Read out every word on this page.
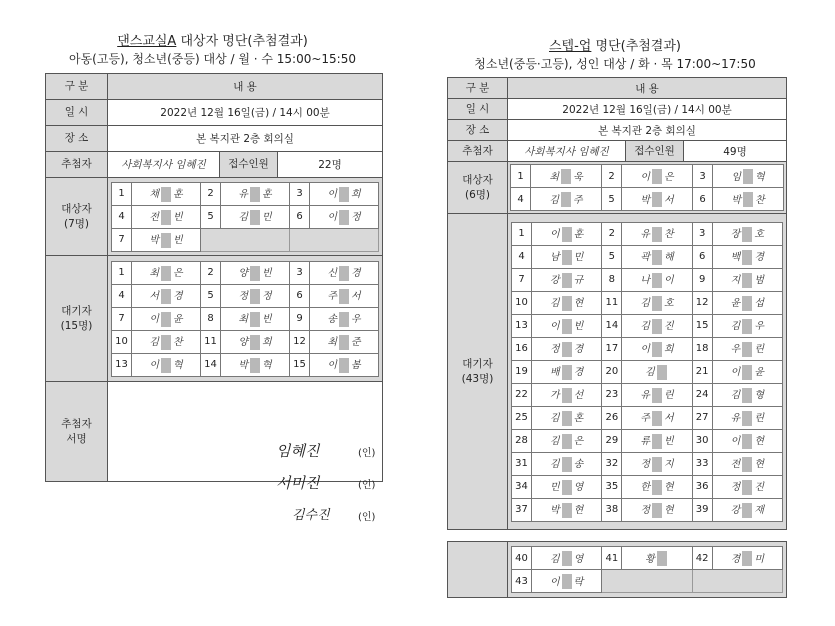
댄스교실A 대상자 명단(추첨결과)
아동(고등), 청소년(중등) 대상 / 월 · 수 15:00~15:50
구 분	내 용
일 시	2022년 12월 16일(금) / 14시 00분
장 소	본 복지관 2층 회의실
추첨자	사회복지사 임혜진	접수인원	22명
대상자
(7명)	
1	채 훈	2	유 훈	3	이 희
4	전 빈	5	김 민	6	이 정
7	박 빈		

대기자
(15명)	
1	최 은	2	양 빈	3	신 경
4	서 경	5	정 정	6	주 서
7	이 윤	8	최 빈	9	송 우
10	김 찬	11	양 희	12	최 준
13	이 혁	14	박 혁	15	이 봄

추첨자
서명	
임혜진	(인)
서미진	(인)
김수진	(인)
스텝-업 명단(추첨결과)
청소년(중등·고등), 성인 대상 / 화 · 목 17:00~17:50
구 분	내 용
일 시	2022년 12월 16일(금) / 14시 00분
장 소	본 복지관 2층 회의실
추첨자	사회복지사 임혜진	접수인원	49명
대상자
(6명)	
1	최 욱	2	이 은	3	임 혁
4	김 주	5	박 서	6	박 찬

대기자
(43명)	
1	이 훈	2	유 찬	3	장 호
4	남 민	5	곽 해	6	백 경
7	강 규	8	나 이	9	지 범
10	김 현	11	김 호	12	윤 섭
13	이 빈	14	김 진	15	김 우
16	정 경	17	이 희	18	우 린
19	배 경	20	김	21	이 윤
22	가 선	23	유 린	24	김 형
25	김 혼	26	주 서	27	유 린
28	김 은	29	류 빈	30	이 현
31	김 송	32	정 지	33	전 현
34	민 영	35	한 현	36	정 진
37	박 현	38	정 현	39	강 재

40	김 영	41	황	42	경 미
43	이 락		
